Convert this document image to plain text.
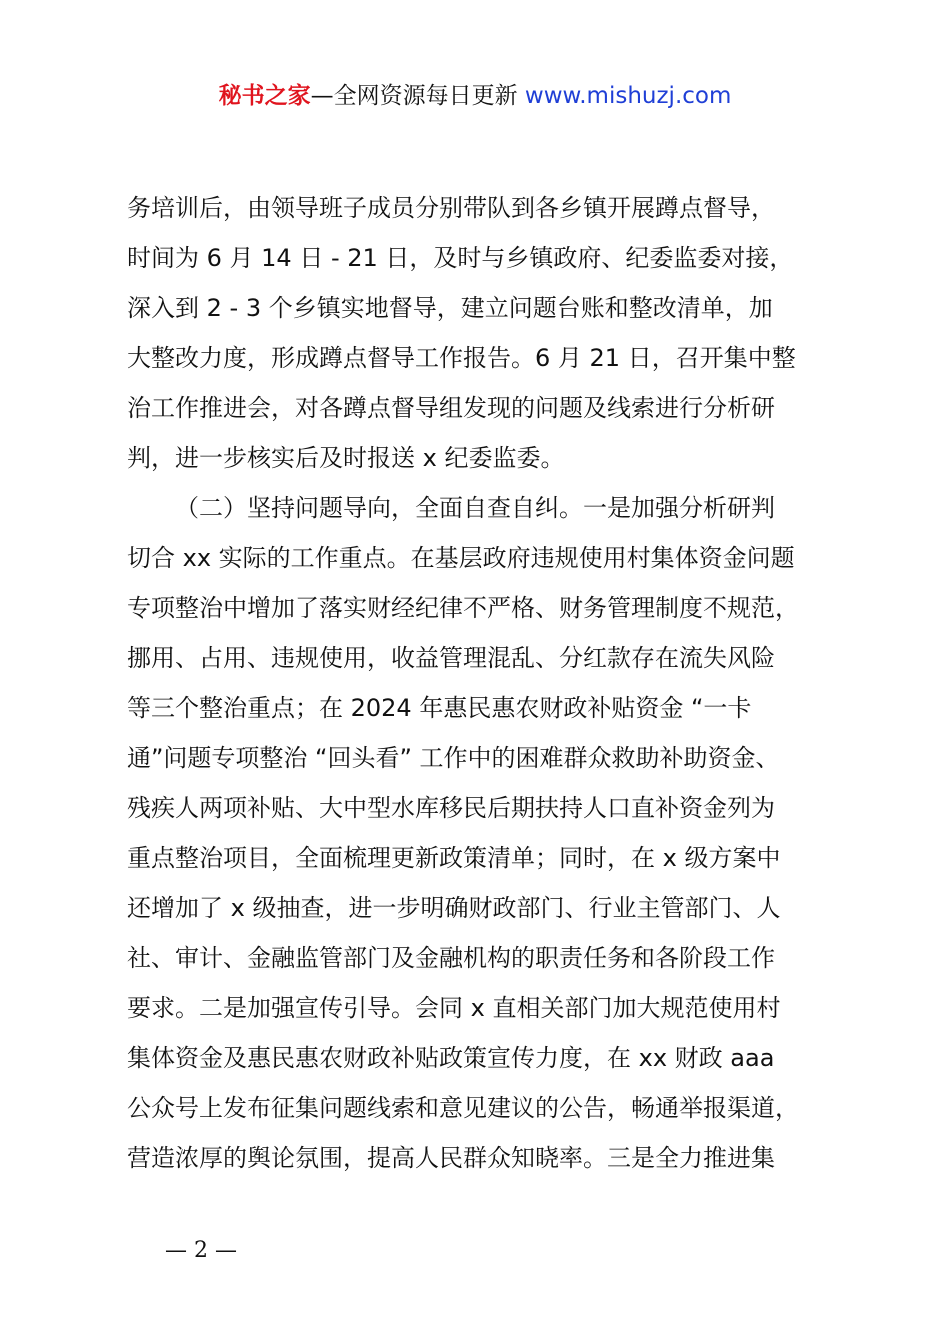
秘书之家—全网资源每日更新 www.mishuzj.com
务培训后，由领导班子成员分别带队到各乡镇开展蹲点督导，
时间为 6 月 14 日 - 21 日，及时与乡镇政府、纪委监委对接，
深入到 2 - 3 个乡镇实地督导，建立问题台账和整改清单，加
大整改力度，形成蹲点督导工作报告。6 月 21 日，召开集中整
治工作推进会，对各蹲点督导组发现的问题及线索进行分析研
判，进一步核实后及时报送 x 纪委监委。
（二）坚持问题导向，全面自查自纠。一是加强分析研判
切合 xx 实际的工作重点。在基层政府违规使用村集体资金问题
专项整治中增加了落实财经纪律不严格、财务管理制度不规范，
挪用、占用、违规使用，收益管理混乱、分红款存在流失风险
等三个整治重点；在 2024 年惠民惠农财政补贴资金 “一卡
通”问题专项整治 “回头看” 工作中的困难群众救助补助资金、
残疾人两项补贴、大中型水库移民后期扶持人口直补资金列为
重点整治项目，全面梳理更新政策清单；同时，在 x 级方案中
还增加了 x 级抽查，进一步明确财政部门、行业主管部门、人
社、审计、金融监管部门及金融机构的职责任务和各阶段工作
要求。二是加强宣传引导。会同 x 直相关部门加大规范使用村
集体资金及惠民惠农财政补贴政策宣传力度，在 xx 财政 aaa
公众号上发布征集问题线索和意见建议的公告，畅通举报渠道，
营造浓厚的舆论氛围，提高人民群众知晓率。三是全力推进集
— 2 —
